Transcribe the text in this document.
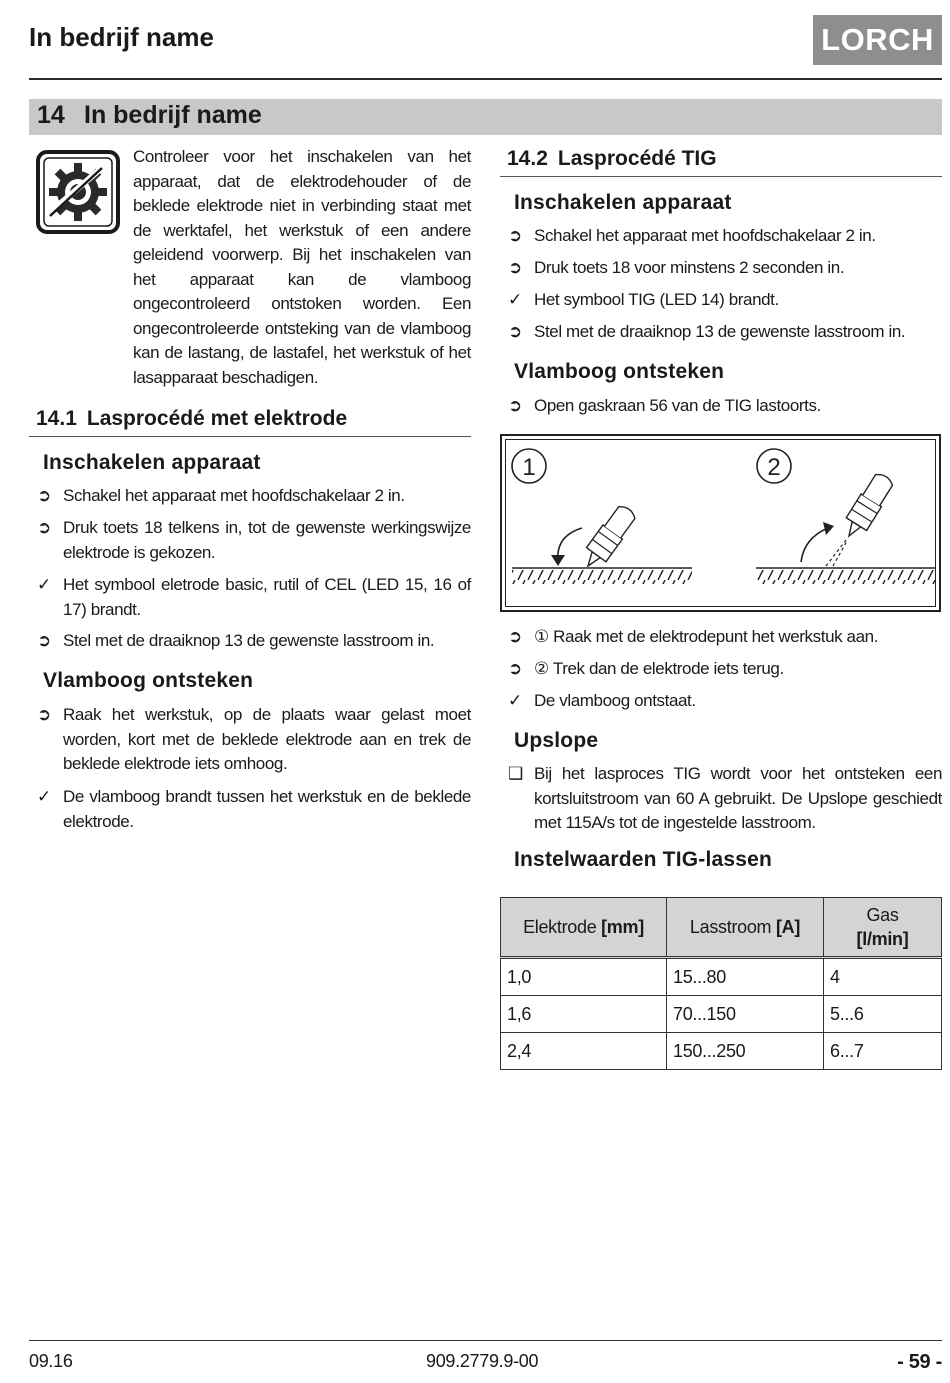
In bedrijf name	LORCH
14 In bedrijf name
Controleer voor het inschakelen van het apparaat, dat de elektrodehouder of de beklede elektrode niet in verbinding staat met de werktafel, het werkstuk of een andere geleidend voorwerp. Bij het inschakelen van het apparaat kan de vlamboog ongecontroleerd ontstoken worden. Een ongecontroleerde ontsteking van de vlamboog kan de lastang, de lastafel, het werkstuk of het lasapparaat beschadigen.
14.1 Lasprocédé met elektrode
Inschakelen apparaat
➲ Schakel het apparaat met hoofdschakelaar 2 in.
➲ Druk toets 18 telkens in, tot de gewenste werkingswijze elektrode is gekozen.
✓ Het symbool eletrode basic, rutil of CEL (LED 15, 16 of 17) brandt.
➲ Stel met de draaiknop 13 de gewenste lasstroom in.
Vlamboog ontsteken
➲ Raak het werkstuk, op de plaats waar gelast moet worden, kort met de beklede elektrode aan en trek de beklede elektrode iets omhoog.
✓ De vlamboog brandt tussen het werkstuk en de beklede elektrode.
14.2 Lasprocédé TIG
Inschakelen apparaat
➲ Schakel het apparaat met hoofdschakelaar 2 in.
➲ Druk toets 18 voor minstens 2 seconden in.
✓ Het symbool TIG (LED 14) brandt.
➲ Stel met de draaiknop 13 de gewenste lasstroom in.
Vlamboog ontsteken
➲ Open gaskraan 56 van de TIG lastoorts.
1	2
➲ ① Raak met de elektrodepunt het werkstuk aan.
➲ ② Trek dan de elektrode iets terug.
✓ De vlamboog ontstaat.
Upslope
❑ Bij het lasproces TIG wordt voor het ontsteken een kortsluitstroom van 60 A gebruikt. De Upslope geschiedt met 115A/s tot de ingestelde lasstroom.
Instelwaarden TIG-lassen
Elektrode [mm]	Lasstroom [A]	Gas
[l/min]
1,0	15...80	4
1,6	70...150	5...6
2,4	150...250	6...7
09.16	909.2779.9-00	- 59 -
